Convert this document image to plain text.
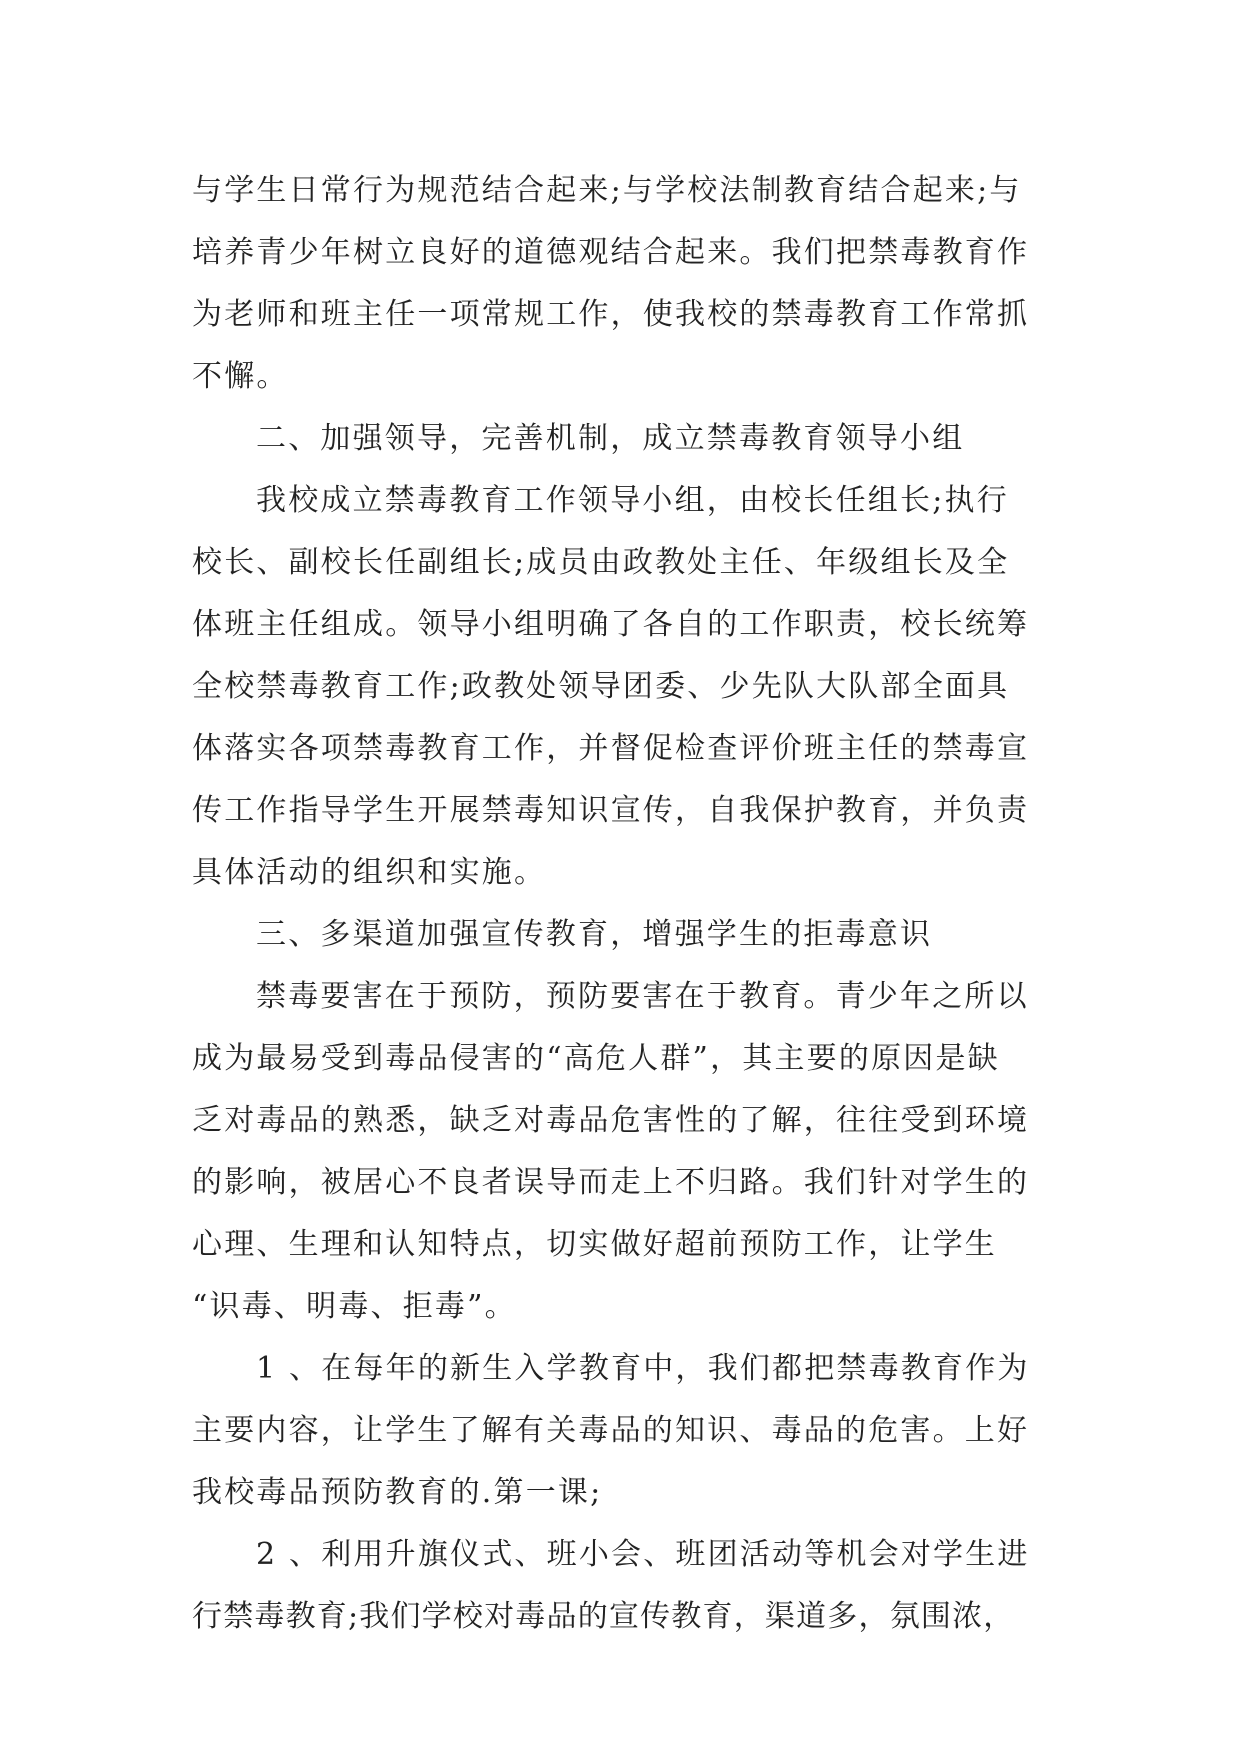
与学生日常行为规范结合起来;与学校法制教育结合起来;与
培养青少年树立良好的道德观结合起来。我们把禁毒教育作
为老师和班主任一项常规工作，使我校的禁毒教育工作常抓
不懈。
二、加强领导，完善机制，成立禁毒教育领导小组
我校成立禁毒教育工作领导小组，由校长任组长;执行
校长、副校长任副组长;成员由政教处主任、年级组长及全
体班主任组成。领导小组明确了各自的工作职责，校长统筹
全校禁毒教育工作;政教处领导团委、少先队大队部全面具
体落实各项禁毒教育工作，并督促检查评价班主任的禁毒宣
传工作指导学生开展禁毒知识宣传，自我保护教育，并负责
具体活动的组织和实施。
三、多渠道加强宣传教育，增强学生的拒毒意识
禁毒要害在于预防，预防要害在于教育。青少年之所以
成为最易受到毒品侵害的“高危人群”，其主要的原因是缺
乏对毒品的熟悉，缺乏对毒品危害性的了解，往往受到环境
的影响，被居心不良者误导而走上不归路。我们针对学生的
心理、生理和认知特点，切实做好超前预防工作，让学生
“识毒、明毒、拒毒”。
1 、在每年的新生入学教育中，我们都把禁毒教育作为
主要内容，让学生了解有关毒品的知识、毒品的危害。上好
我校毒品预防教育的.第一课;
2 、利用升旗仪式、班小会、班团活动等机会对学生进
行禁毒教育;我们学校对毒品的宣传教育，渠道多，氛围浓，
